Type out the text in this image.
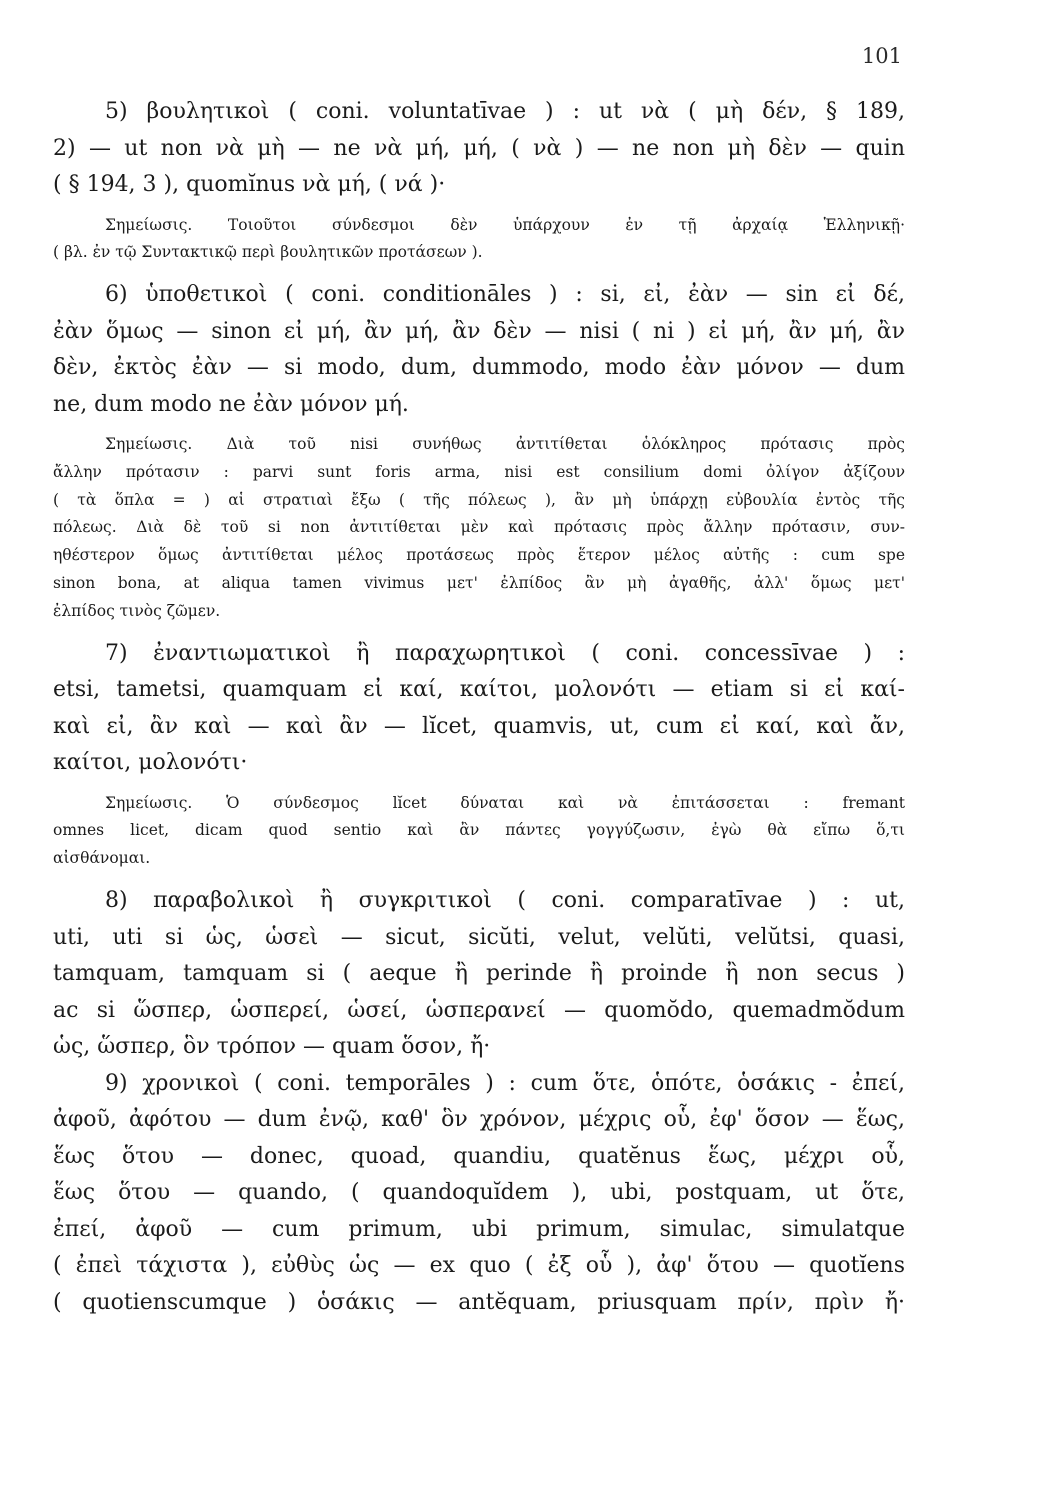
101
5) βουλητικοὶ ( coni. voluntatīvae ) : ut νὰ ( μὴ δέν, § 189,
2) — ut non νὰ μὴ — ne νὰ μή, μή, ( νὰ ) — ne non μὴ δὲν — quin
( § 194, 3 ), quomĭnus νὰ μή, ( νά )·
Σημείωσις. Τοιοῦτοι σύνδεσμοι δὲν ὑπάρχουν ἐν τῇ ἀρχαίᾳ Ἑλληνικῇ·
( βλ. ἐν τῷ Συντακτικῷ περὶ βουλητικῶν προτάσεων ).
6) ὑποθετικοὶ ( coni. conditionāles ) : si, εἰ, ἐὰν — sin εἰ δέ,
ἐὰν ὅμως — sinon εἰ μή, ἂν μή, ἂν δὲν — nisi ( ni ) εἰ μή, ἂν μή, ἂν
δὲν, ἐκτὸς ἐὰν — si modo, dum, dummodo, modo ἐὰν μόνον — dum
ne, dum modo ne ἐὰν μόνον μή.
Σημείωσις. Διὰ τοῦ nisi συνήθως ἀντιτίθεται ὁλόκληρος πρότασις πρὸς
ἄλλην πρότασιν : parvi sunt foris arma, nisi est consilium domi ὀλίγον ἀξίζουν
( τὰ ὅπλα = ) αἱ στρατιαὶ ἔξω ( τῆς πόλεως ), ἂν μὴ ὑπάρχῃ εὐβουλία ἐντὸς τῆς
πόλεως. Διὰ δὲ τοῦ si non ἀντιτίθεται μὲν καὶ πρότασις πρὸς ἄλλην πρότασιν, συν-
ηθέστερον ὅμως ἀντιτίθεται μέλος προτάσεως πρὸς ἕτερον μέλος αὐτῆς : cum spe
sinon bona, at aliqua tamen vivimus μετ' ἐλπίδος ἂν μὴ ἀγαθῆς, ἀλλ' ὅμως μετ'
ἐλπίδος τινὸς ζῶμεν.
7) ἐναντιωματικοὶ ἢ παραχωρητικοὶ ( coni. concessīvae ) :
etsi, tametsi, quamquam εἰ καί, καίτοι, μολονότι — etiam si εἰ καί-
καὶ εἰ, ἂν καὶ — καὶ ἂν — lĭcet, quamvis, ut, cum εἰ καί, καὶ ἄν,
καίτοι, μολονότι·
Σημείωσις. Ὁ σύνδεσμος lĭcet δύναται καὶ νὰ ἐπιτάσσεται : fremant
omnes licet, dicam quod sentio καὶ ἂν πάντες γογγύζωσιν, ἐγὼ θὰ εἴπω ὅ,τι
αἰσθάνομαι.
8) παραβολικοὶ ἢ συγκριτικοὶ ( coni. comparatīvae ) : ut,
uti, uti si ὡς, ὡσεὶ — sicut, sicŭti, velut, velŭti, velŭtsi, quasi,
tamquam, tamquam si ( aeque ἢ perinde ἢ proinde ἢ non secus )
ac si ὥσπερ, ὡσπερεί, ὡσεί, ὡσπερανεί — quomŏdo, quemadmŏdum
ὡς, ὥσπερ, ὃν τρόπον — quam ὅσον, ἤ·
9) χρονικοὶ ( coni. temporāles ) : cum ὅτε, ὁπότε, ὁσάκις - ἐπεί,
ἀφοῦ, ἀφότου — dum ἐνῷ, καθ' ὃν χρόνον, μέχρις οὗ, ἐφ' ὅσον — ἕως,
ἕως ὅτου — donec, quoad, quandiu, quatĕnus ἕως, μέχρι οὗ,
ἕως ὅτου — quando, ( quandoquĭdem ), ubi, postquam, ut ὅτε,
ἐπεί, ἀφοῦ — cum primum, ubi primum, simulac, simulatque
( ἐπεὶ τάχιστα ), εὐθὺς ὡς — ex quo ( ἐξ οὗ ), ἀφ' ὅτου — quotĭens
( quotienscumque ) ὁσάκις — antĕquam, priusquam πρίν, πρὶν ἤ·
